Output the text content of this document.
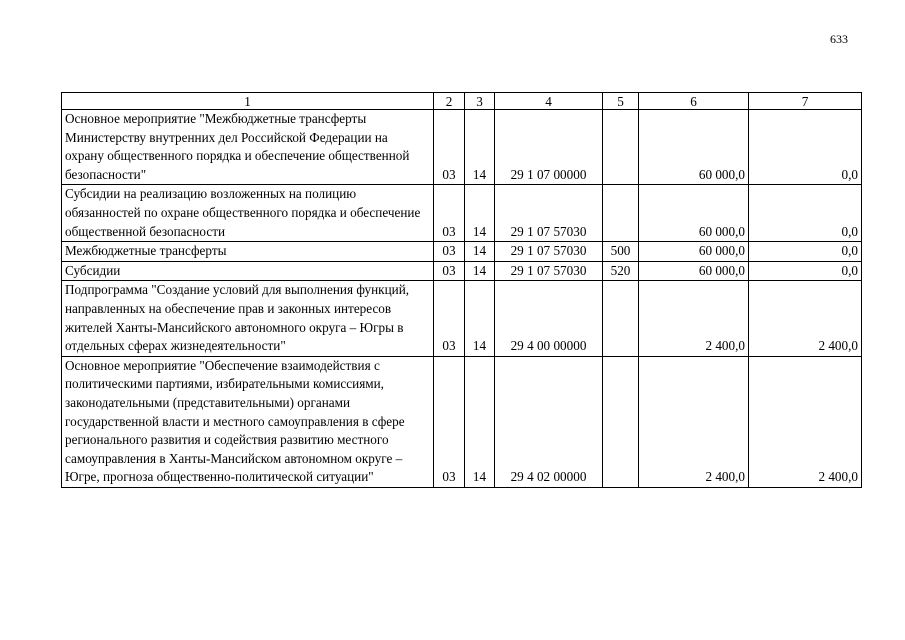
633
1	2	3	4	5	6	7
Основное мероприятие "Межбюджетные трансферты Министерству внутренних дел Российской Федерации на охрану общественного порядка и обеспечение общественной безопасности"	03	14	29 1 07 00000		60 000,0	0,0
Субсидии на реализацию возложенных на полицию обязанностей по охране общественного порядка и обеспечение общественной безопасности	03	14	29 1 07 57030		60 000,0	0,0
Межбюджетные трансферты	03	14	29 1 07 57030	500	60 000,0	0,0
Субсидии	03	14	29 1 07 57030	520	60 000,0	0,0
Подпрограмма "Создание условий для выполнения функций, направленных на обеспечение прав и законных интересов жителей Ханты-Мансийского автономного округа – Югры в отдельных сферах жизнедеятельности"	03	14	29 4 00 00000		2 400,0	2 400,0
Основное мероприятие "Обеспечение взаимодействия с политическими партиями, избирательными комиссиями, законодательными (представительными) органами государственной власти и местного самоуправления в сфере регионального развития и содействия развитию местного самоуправления в Ханты-Мансийском автономном округе – Югре, прогноза общественно-политической ситуации"	03	14	29 4 02 00000		2 400,0	2 400,0
